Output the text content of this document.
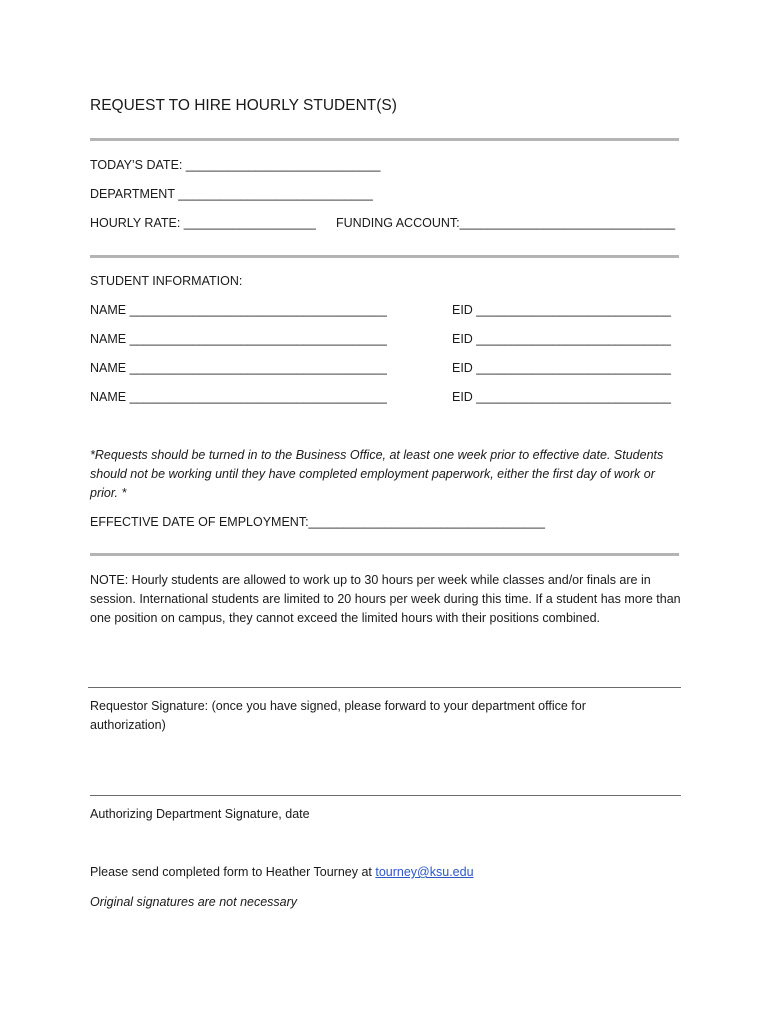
REQUEST TO HIRE HOURLY STUDENT(S)
TODAY’S DATE: ____________________________
DEPARTMENT ____________________________
HOURLY RATE: ___________________ FUNDING ACCOUNT:_______________________________
STUDENT INFORMATION:
NAME _____________________________________	EID ____________________________
NAME _____________________________________	EID ____________________________
NAME _____________________________________	EID ____________________________
NAME _____________________________________	EID ____________________________
*Requests should be turned in to the Business Office, at least one week prior to effective date. Students should not be working until they have completed employment paperwork, either the first day of work or prior. *
EFFECTIVE DATE OF EMPLOYMENT:__________________________________
NOTE: Hourly students are allowed to work up to 30 hours per week while classes and/or finals are in session. International students are limited to 20 hours per week during this time. If a student has more than one position on campus, they cannot exceed the limited hours with their positions combined.
Requestor Signature: (once you have signed, please forward to your department office for authorization)
Authorizing Department Signature, date
Please send completed form to Heather Tourney at tourney@ksu.edu
Original signatures are not necessary
